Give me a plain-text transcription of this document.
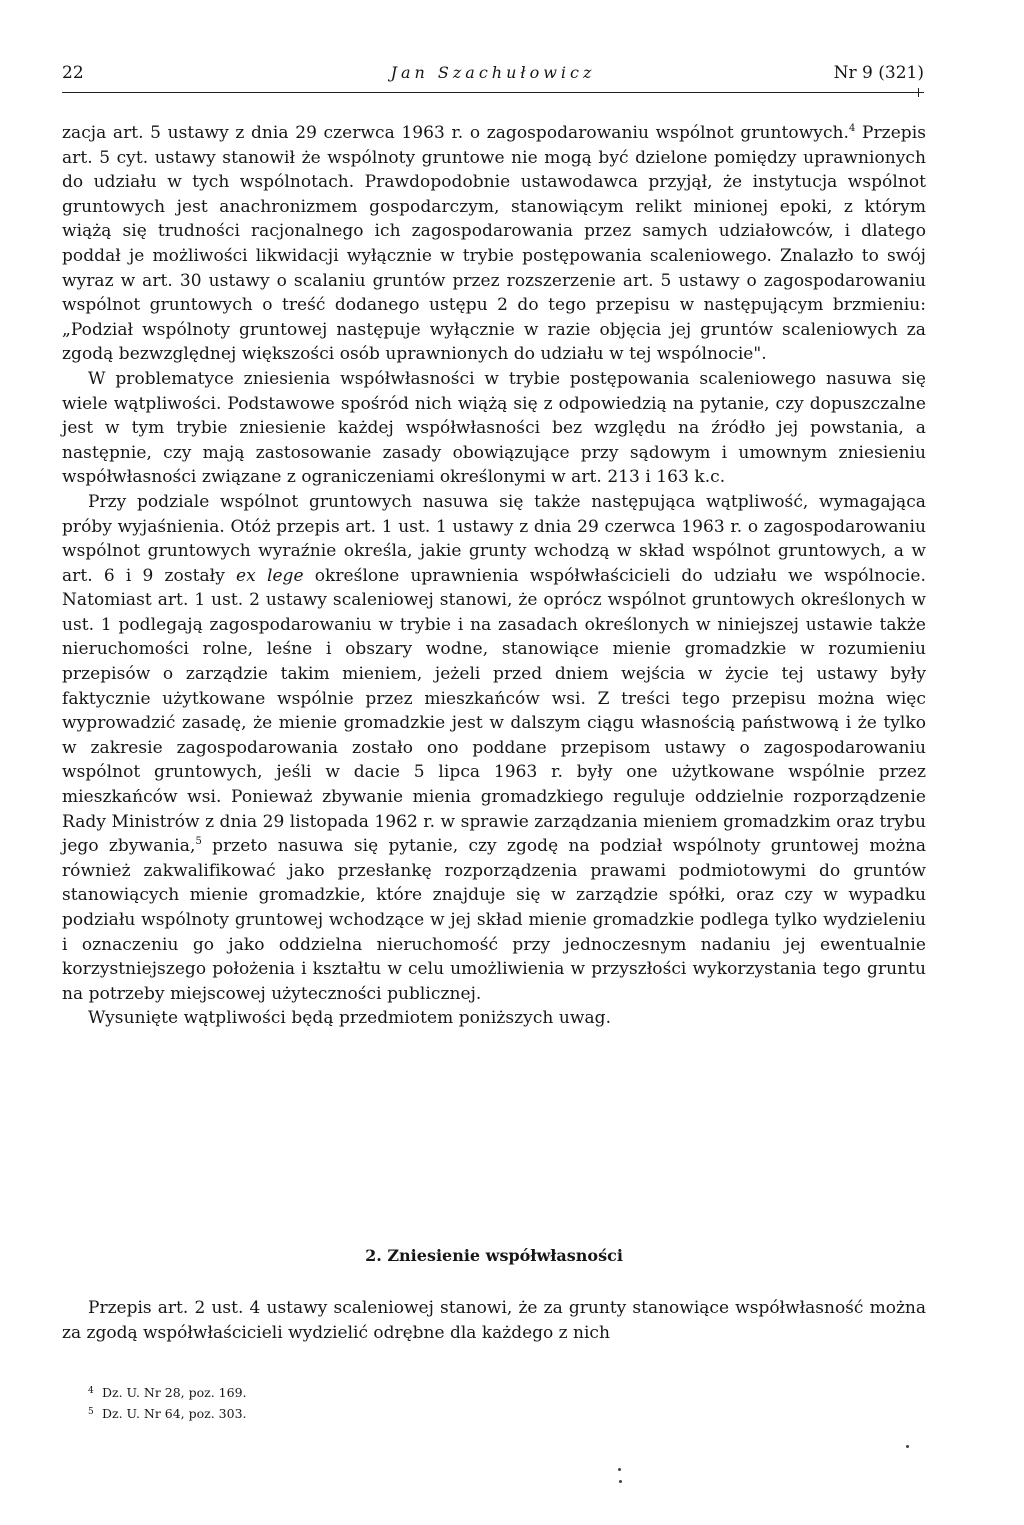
22	Jan Szachułowicz	Nr 9 (321)

zacja art. 5 ustawy z dnia 29 czerwca 1963 r. o zagospodarowaniu wspólnot gruntowych.$^4$ Przepis art. 5 cyt. ustawy stanowił że wspólnoty gruntowe nie mogą być dzielone pomiędzy uprawnionych do udziału w tych wspólnotach. Prawdopodobnie ustawodawca przyjął, że instytucja wspólnot gruntowych jest anachronizmem gospodarczym, stanowiącym relikt minionej epoki, z którym wiążą się trudności racjonalnego ich zagospodarowania przez samych udziałowców, i dlatego poddał je możliwości likwidacji wyłącznie w trybie postępowania scaleniowego. Znalazło to swój wyraz w art. 30 ustawy o scalaniu gruntów przez rozszerzenie art. 5 ustawy o zagospodarowaniu wspólnot gruntowych o treść dodanego ustępu 2 do tego przepisu w następującym brzmieniu: „Podział wspólnoty gruntowej następuje wyłącznie w razie objęcia jej gruntów scaleniowych za zgodą bezwzględnej większości osób uprawnionych do udziału w tej wspólnocie".

W problematyce zniesienia współwłasności w trybie postępowania scaleniowego nasuwa się wiele wątpliwości. Podstawowe spośród nich wiążą się z odpowiedzią na pytanie, czy dopuszczalne jest w tym trybie zniesienie każdej współwłasności bez względu na źródło jej powstania, a następnie, czy mają zastosowanie zasady obowiązujące przy sądowym i umownym zniesieniu współwłasności związane z ograniczeniami określonymi w art. 213 i 163 k.c.

Przy podziale wspólnot gruntowych nasuwa się także następująca wątpliwość, wymagająca próby wyjaśnienia. Otóż przepis art. 1 ust. 1 ustawy z dnia 29 czerwca 1963 r. o zagospodarowaniu wspólnot gruntowych wyraźnie określa, jakie grunty wchodzą w skład wspólnot gruntowych, a w art. 6 i 9 zostały ex lege określone uprawnienia współwłaścicieli do udziału we wspólnocie. Natomiast art. 1 ust. 2 ustawy scaleniowej stanowi, że oprócz wspólnot gruntowych określonych w ust. 1 podlegają zagospodarowaniu w trybie i na zasadach określonych w niniejszej ustawie także nieruchomości rolne, leśne i obszary wodne, stanowiące mienie gromadzkie w rozumieniu przepisów o zarządzie takim mieniem, jeżeli przed dniem wejścia w życie tej ustawy były faktycznie użytkowane wspólnie przez mieszkańców wsi. Z treści tego przepisu można więc wyprowadzić zasadę, że mienie gromadzkie jest w dalszym ciągu własnością państwową i że tylko w zakresie zagospodarowania zostało ono poddane przepisom ustawy o zagospodarowaniu wspólnot gruntowych, jeśli w dacie 5 lipca 1963 r. były one użytkowane wspólnie przez mieszkańców wsi. Ponieważ zbywanie mienia gromadzkiego reguluje oddzielnie rozporządzenie Rady Ministrów z dnia 29 listopada 1962 r. w sprawie zarządzania mieniem gromadzkim oraz trybu jego zbywania,$^5$ przeto nasuwa się pytanie, czy zgodę na podział wspólnoty gruntowej można również zakwalifikować jako przesłankę rozporządzenia prawami podmiotowymi do gruntów stanowiących mienie gromadzkie, które znajduje się w zarządzie spółki, oraz czy w wypadku podziału wspólnoty gruntowej wchodzące w jej skład mienie gromadzkie podlega tylko wydzieleniu i oznaczeniu go jako oddzielna nieruchomość przy jednoczesnym nadaniu jej ewentualnie korzystniejszego położenia i kształtu w celu umożliwienia w przyszłości wykorzystania tego gruntu na potrzeby miejscowej użyteczności publicznej.

Wysunięte wątpliwości będą przedmiotem poniższych uwag.

2. Zniesienie współwłasności

Przepis art. 2 ust. 4 ustawy scaleniowej stanowi, że za grunty stanowiące współwłasność można za zgodą współwłaścicieli wydzielić odrębne dla każdego z nich

4 Dz. U. Nr 28, poz. 169.

5 Dz. U. Nr 64, poz. 303.
